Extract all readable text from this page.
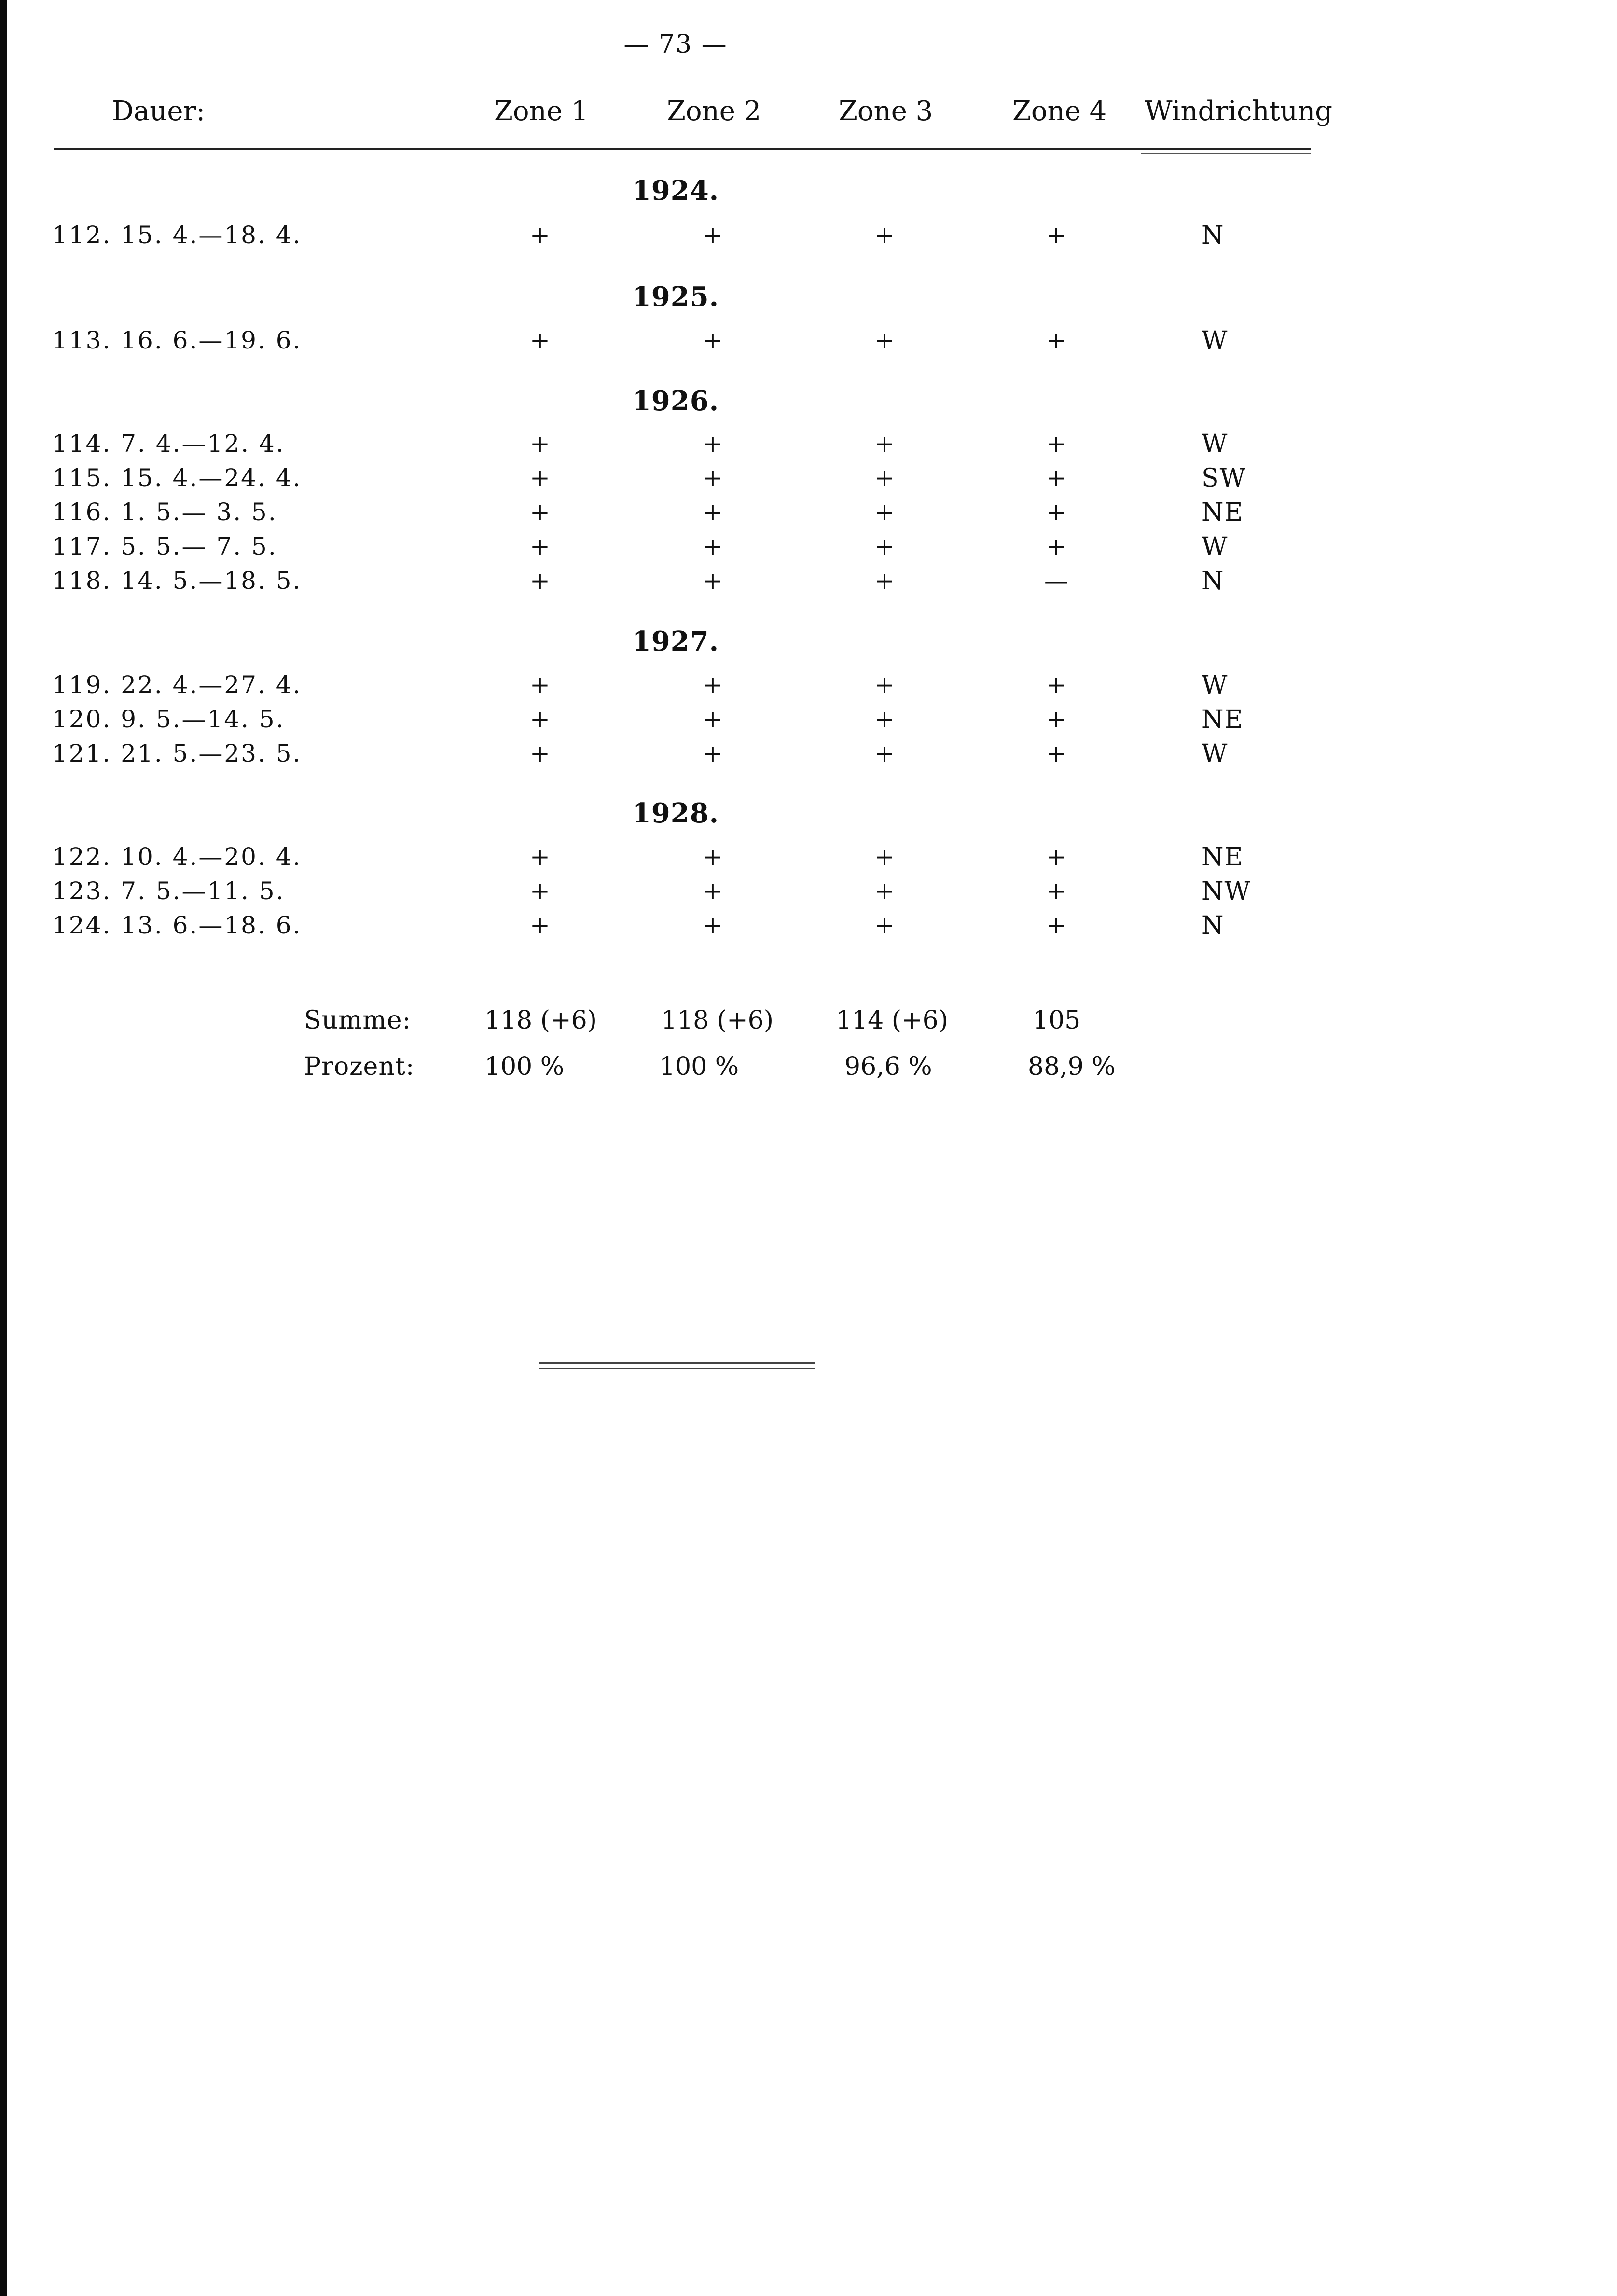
— 73 —
Dauer:	Zone 1	Zone 2	Zone 3	Zone 4 Windrichtung
1924.
112. 15. 4.—18. 4.	+	+	+	+	N
1925.
113. 16. 6.—19. 6.	+	+	+	+	W
1926.
114. 7. 4.—12. 4.	+	+	+	+	W
115. 15. 4.—24. 4.	+	+	+	+	SW
116. 1. 5.— 3. 5.	+	+	+	+	NE
117. 5. 5.— 7. 5.	+	+	+	+	W
118. 14. 5.—18. 5.	+	+	+	—	N
1927.
119. 22. 4.—27. 4.	+	+	+	+	W
120. 9. 5.—14. 5.	+	+	+	+	NE
121. 21. 5.—23. 5.	+	+	+	+	W
1928.
122. 10. 4.—20. 4.	+	+	+	+	NE
123. 7. 5.—11. 5.	+	+	+	+	NW
124. 13. 6.—18. 6.	+	+	+	+	N
Summe:	118 (+6)	118 (+6) 114 (+6)	105
Prozent:	100 %	100 %	96,6 %	88,9 %
